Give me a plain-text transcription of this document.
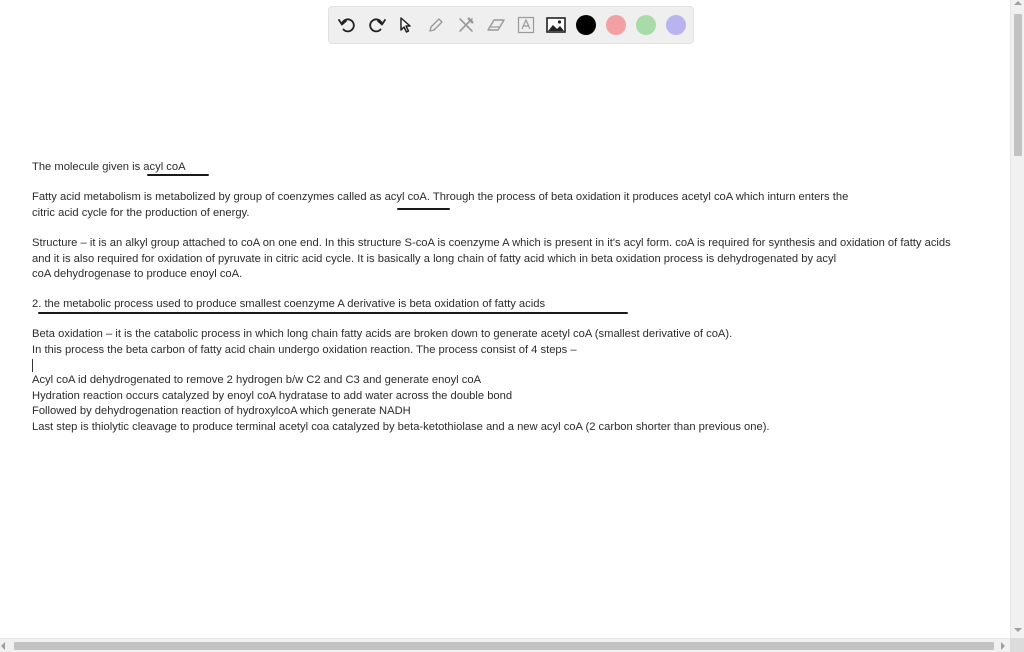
The molecule given is acyl coA
Fatty acid metabolism is metabolized by group of coenzymes called as acyl coA. Through the process of beta oxidation it produces acetyl coA which inturn enters the
citric acid cycle for the production of energy.
Structure – it is an alkyl group attached to coA on one end. In this structure S-coA is coenzyme A which is present in it's acyl form. coA is required for synthesis and oxidation of fatty acids
and it is also required for oxidation of pyruvate in citric acid cycle. It is basically a long chain of fatty acid which in beta oxidation process is dehydrogenated by acyl
coA dehydrogenase to produce enoyl coA.
2. the metabolic process used to produce smallest coenzyme A derivative is beta oxidation of fatty acids
Beta oxidation – it is the catabolic process in which long chain fatty acids are broken down to generate acetyl coA (smallest derivative of coA).
In this process the beta carbon of fatty acid chain undergo oxidation reaction. The process consist of 4 steps –
Acyl coA id dehydrogenated to remove 2 hydrogen b/w C2 and C3 and generate enoyl coA
Hydration reaction occurs catalyzed by enoyl coA hydratase to add water across the double bond
Followed by dehydrogenation reaction of hydroxylcoA which generate NADH
Last step is thiolytic cleavage to produce terminal acetyl coa catalyzed by beta-ketothiolase and a new acyl coA (2 carbon shorter than previous one).
